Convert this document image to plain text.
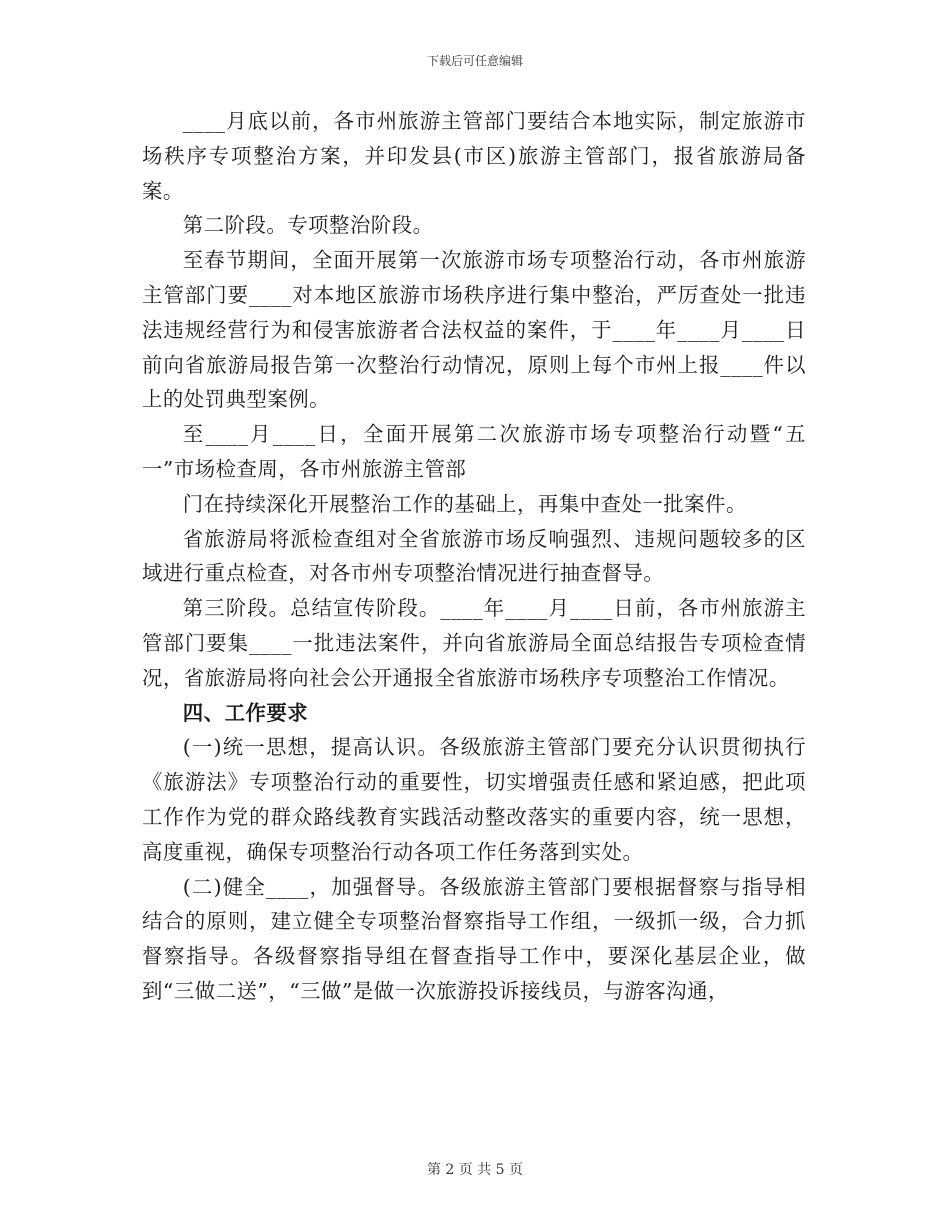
下载后可任意编辑

____月底以前，各市州旅游主管部门要结合本地实际，制定旅游市场秩序专项整治方案，并印发县(市区)旅游主管部门，报省旅游局备案。

第二阶段。专项整治阶段。

至春节期间，全面开展第一次旅游市场专项整治行动，各市州旅游主管部门要____对本地区旅游市场秩序进行集中整治，严厉查处一批违法违规经营行为和侵害旅游者合法权益的案件，于____年____月____日前向省旅游局报告第一次整治行动情况，原则上每个市州上报____件以上的处罚典型案例。

至____月____日，全面开展第二次旅游市场专项整治行动暨“五一”市场检查周，各市州旅游主管部

门在持续深化开展整治工作的基础上，再集中查处一批案件。

省旅游局将派检查组对全省旅游市场反响强烈、违规问题较多的区域进行重点检查，对各市州专项整治情况进行抽查督导。

第三阶段。总结宣传阶段。____年____月____日前，各市州旅游主管部门要集____一批违法案件，并向省旅游局全面总结报告专项检查情况，省旅游局将向社会公开通报全省旅游市场秩序专项整治工作情况。

四、工作要求

(一)统一思想，提高认识。各级旅游主管部门要充分认识贯彻执行《旅游法》专项整治行动的重要性，切实增强责任感和紧迫感，把此项工作作为党的群众路线教育实践活动整改落实的重要内容，统一思想，高度重视，确保专项整治行动各项工作任务落到实处。

(二)健全____，加强督导。各级旅游主管部门要根据督察与指导相结合的原则，建立健全专项整治督察指导工作组，一级抓一级，合力抓督察指导。各级督察指导组在督查指导工作中，要深化基层企业，做到“三做二送”，“三做”是做一次旅游投诉接线员，与游客沟通，

第 2 页 共 5 页
